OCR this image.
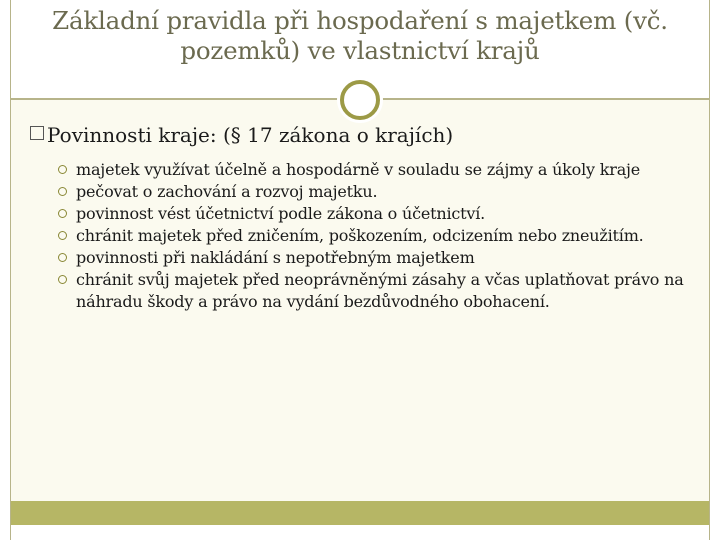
Základní pravidla při hospodaření s majetkem (vč.
pozemků) ve vlastnictví krajů
Povinnosti kraje: (§ 17 zákona o krajích)
majetek využívat účelně a hospodárně v souladu se zájmy a úkoly kraje
pečovat o zachování a rozvoj majetku.
povinnost vést účetnictví podle zákona o účetnictví.
chránit majetek před zničením, poškozením, odcizením nebo zneužitím.
povinnosti při nakládání s nepotřebným majetkem
chránit svůj majetek před neoprávněnými zásahy a včas uplatňovat právo na náhradu škody a právo na vydání bezdůvodného obohacení.
